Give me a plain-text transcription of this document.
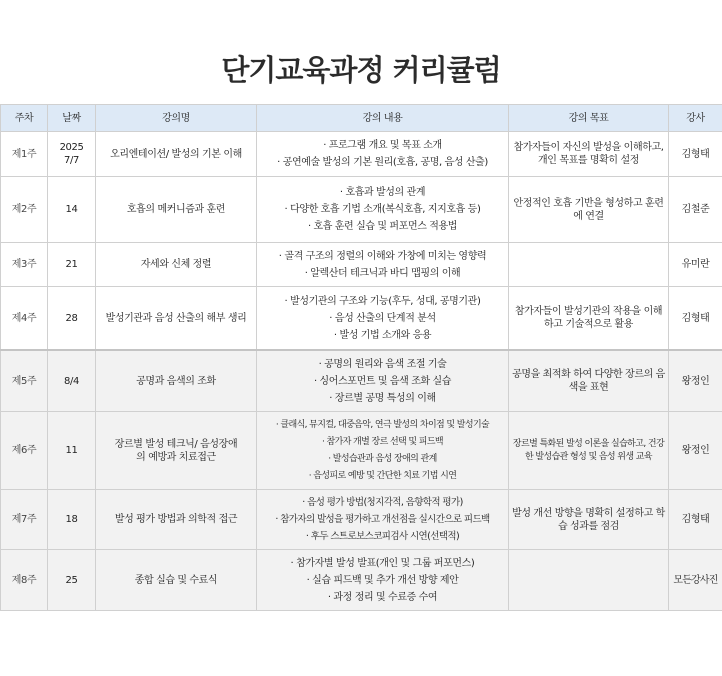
단기교육과정 커리큘럼
주차	날짜	강의명	강의 내용	강의 목표	강사
제1주	2025 7/7	오리엔테이션/ 발성의 기본 이해	· 프로그램 개요 및 목표 소개
· 공연예술 발성의 기본 원리(호흡, 공명, 음성 산출)	참가자들이 자신의 발성을 이해하고, 개인 목표를 명확히 설정	김형태
제2주	14	호흡의 메커니즘과 훈련	· 호흡과 발성의 관계
· 다양한 호흡 기법 소개(복식호흡, 지지호흡 등)
· 호흡 훈련 실습 및 퍼포먼스 적용법	안정적인 호흡 기반을 형성하고 훈련에 연결	김철준
제3주	21	자세와 신체 정렬	· 골격 구조의 정렬의 이해와 가창에 미치는 영향력
· 알렉산더 테크닉과 바디 맵핑의 이해		유미란
제4주	28	발성기관과 음성 산출의 해부 생리	· 발성기관의 구조와 기능(후두, 성대, 공명기관)
· 음성 산출의 단계적 분석
· 발성 기법 소개와 응용	참가자들이 발성기관의 작용을 이해하고 기술적으로 활용	김형태
제5주	8/4	공명과 음색의 조화	· 공명의 원리와 음색 조절 기술
· 싱어스포먼트 및 음색 조화 실습
· 장르별 공명 특성의 이해	공명을 최적화 하여 다양한 장르의 음색을 표현	왕정인
제6주	11	장르별 발성 테크닉/ 음성장애의 예방과 치료접근	· 클래식, 뮤지컬, 대중음악, 연극 발성의 차이점 및 발성기술
· 참가자 개별 장르 선택 및 피드백
· 발성습관과 음성 장애의 관계
· 음성피로 예방 및 간단한 치료 기법 시연	장르별 특화된 발성 이론을 실습하고, 건강한 발성습관 형성 및 음성 위생 교육	왕정인
제7주	18	발성 평가 방법과 의학적 접근	· 음성 평가 방법(청지각적, 음향학적 평가)
· 참가자의 발성을 평가하고 개선점을 실시간으로 피드백
· 후두 스트로보스코피검사 시연(선택적)	발성 개선 방향을 명확히 설정하고 학습 성과를 점검	김형태
제8주	25	종합 실습 및 수료식	· 참가자별 발성 발표(개인 및 그룹 퍼포먼스)
· 실습 피드백 및 추가 개선 방향 제안
· 과정 정리 및 수료증 수여		모든강사진
